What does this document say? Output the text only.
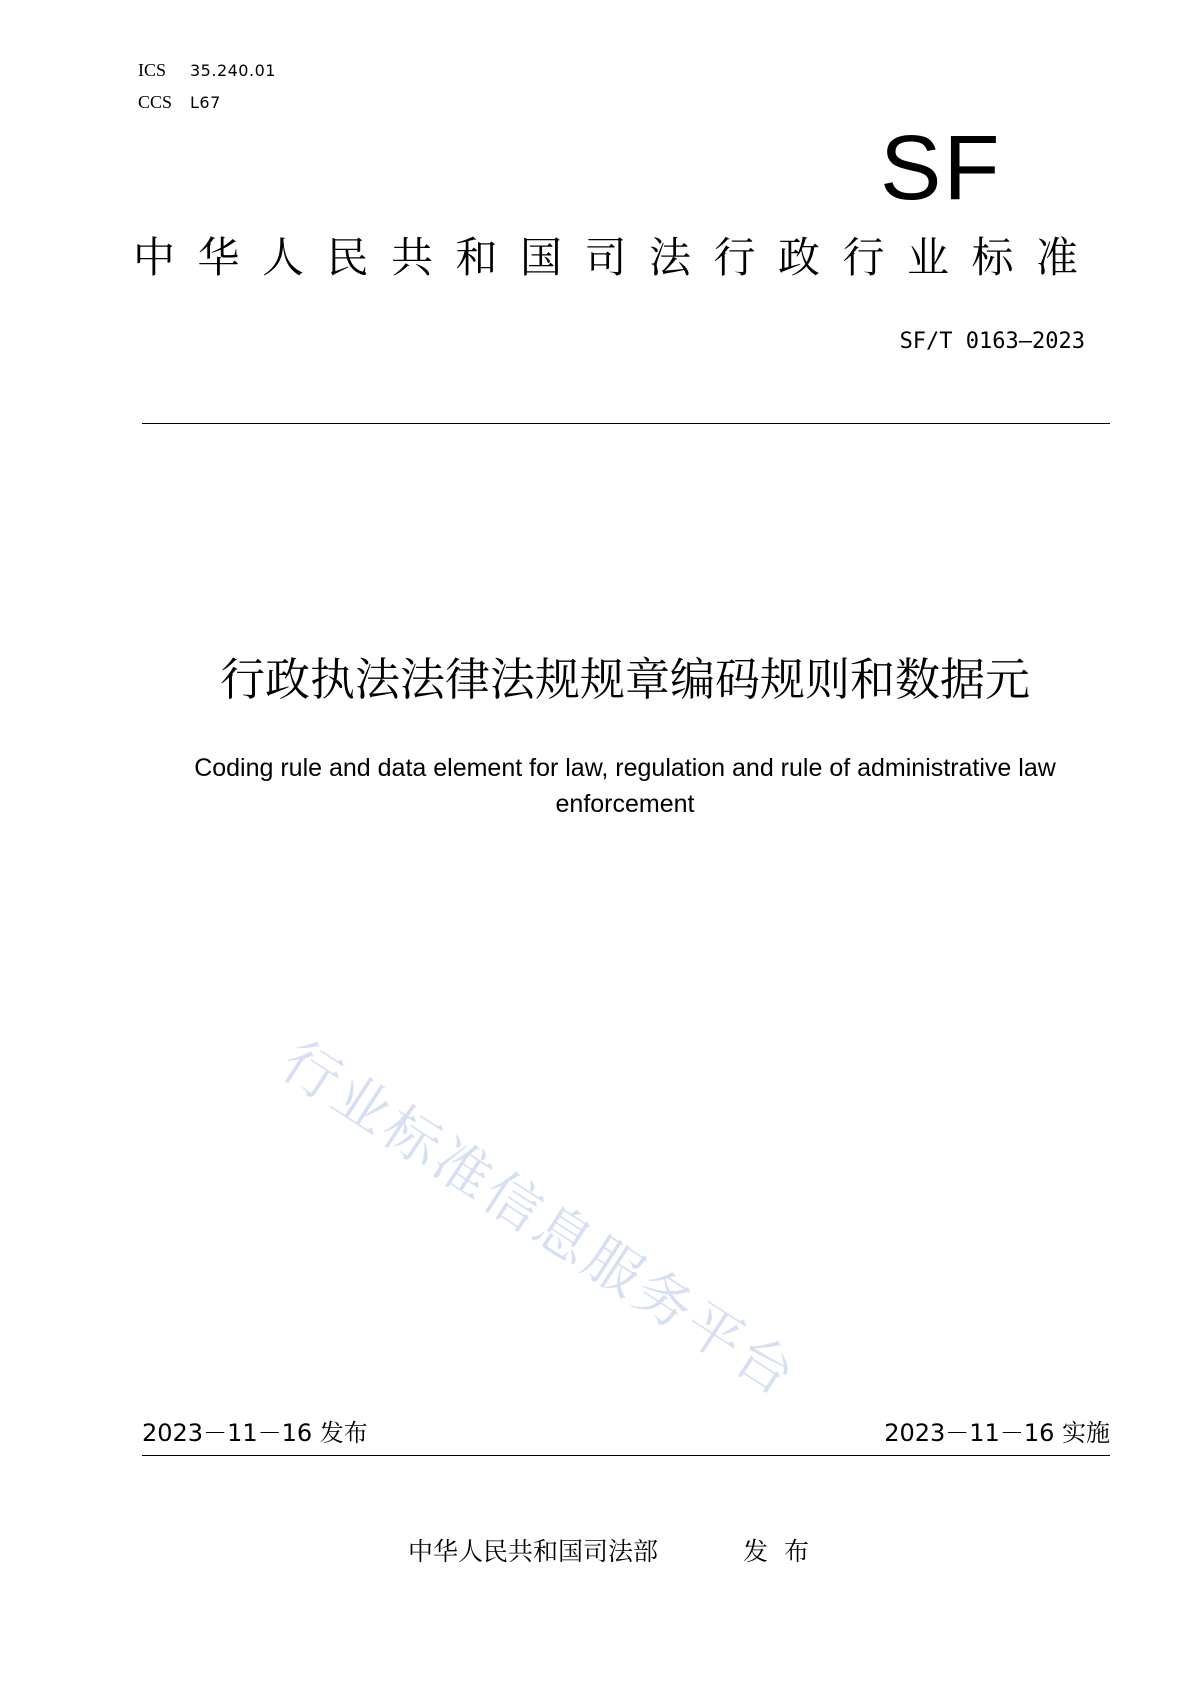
ICS 35.240.01
CCS L67
SF
中华人民共和国司法行政行业标准
SF/T 0163—2023
行政执法法律法规规章编码规则和数据元
Coding rule and data element for law, regulation and rule of administrative law enforcement
行业标准信息服务平台
2023－11－16 发布	2023－11－16 实施
中华人民共和国司法部	发布
